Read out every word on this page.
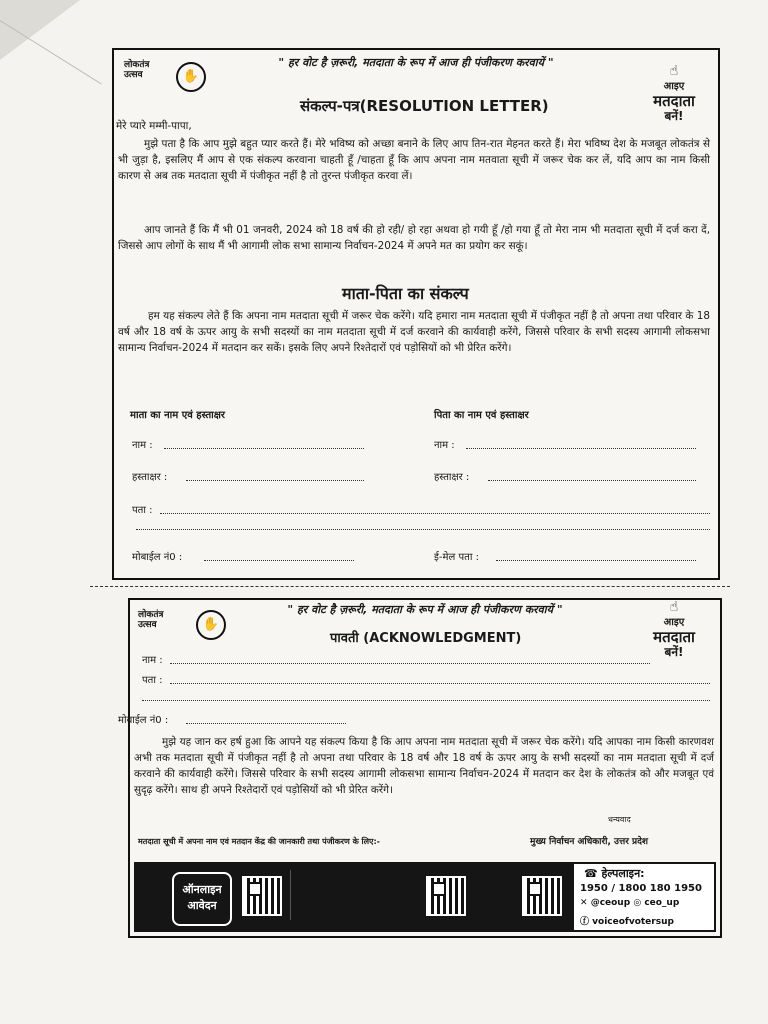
" हर वोट है ज़रूरी, मतदाता के रूप में आज ही पंजीकरण करवायें "
लोकतंत्र
उत्सव	✋	☝
आइए
मतदाता
बनें!
संकल्प-पत्र(RESOLUTION LETTER)
मेरे प्यारे मम्मी-पापा,
मुझे पता है कि आप मुझे बहुत प्यार करते हैं। मेरे भविष्य को अच्छा बनाने के लिए आप तिन-रात मेहनत करते हैं। मेरा भविष्य देश के मजबूत लोकतंत्र से भी जुड़ा है, इसलिए मैं आप से एक संकल्प करवाना चाहती हूँ /चाहता हूँ कि आप अपना नाम मतवाता सूची में जरूर चेक कर लें, यदि आप का नाम किसी कारण से अब तक मतदाता सूची में पंजीकृत नहीं है तो तुरन्त पंजीकृत करवा लें।
आप जानते हैं कि मैं भी 01 जनवरी, 2024 को 18 वर्ष की हो रही/ हो रहा अथवा हो गयी हूँ /हो गया हूँ तो मेरा नाम भी मतदाता सूची में दर्ज करा दें, जिससे आप लोगों के साथ मैं भी आगामी लोक सभा सामान्य निर्वाचन-2024 में अपने मत का प्रयोग कर सकूं।
माता-पिता का संकल्प
हम यह संकल्प लेते हैं कि अपना नाम मतदाता सूची में जरूर चेक करेंगे। यदि हमारा नाम मतदाता सूची में पंजीकृत नहीं है तो अपना तथा परिवार के 18 वर्ष और 18 वर्ष के ऊपर आयु के सभी सदस्यों का नाम मतदाता सूची में दर्ज करवाने की कार्यवाही करेंगे, जिससे परिवार के सभी सदस्य आगामी लोकसभा सामान्य निर्वाचन-2024 में मतदान कर सकें। इसके लिए अपने रिश्तेदारों एवं पड़ोसियों को भी प्रेरित करेंगे।
माता का नाम एवं हस्ताक्षर	पिता का नाम एवं हस्ताक्षर
नाम :	नाम :
हस्ताक्षर :	हस्ताक्षर :
पता :
मोबाईल नं0 :	ई-मेल पता :
" हर वोट है ज़रूरी, मतदाता के रूप में आज ही पंजीकरण करवायें "
लोकतंत्र
उत्सव	✋
☝
आइए
मतदाता
बनें!
पावती (ACKNOWLEDGMENT)
नाम :
पता :
मोबाईल नं0 :
मुझे यह जान कर हर्ष हुआ कि आपने यह संकल्प किया है कि आप अपना नाम मतदाता सूची में जरूर चेक करेंगे। यदि आपका नाम किसी कारणवश अभी तक मतदाता सूची में पंजीकृत नहीं है तो अपना तथा परिवार के 18 वर्ष और 18 वर्ष के ऊपर आयु के सभी सदस्यों का नाम मतदाता सूची में दर्ज करवाने की कार्यवाही करेंगे। जिससे परिवार के सभी सदस्य आगामी लोकसभा सामान्य निर्वाचन-2024 में मतदान कर देश के लोकतंत्र को और मजबूत एवं सुदृढ़ करेंगे। साथ ही अपने रिश्तेदारों एवं पड़ोसियों को भी प्रेरित करेंगे।
धन्यवाद
मतदाता सूची में अपना नाम एवं मतदान केंद्र की जानकारी तथा पंजीकरण के लिए:-	मुख्य निर्वाचन अधिकारी, उत्तर प्रदेश
ऑनलाइन
आवेदन
☎ हेल्पलाइन:
1950 / 1800 180 1950
✕ @ceoup ◎ ceo_up
ⓕ voiceofvotersup
